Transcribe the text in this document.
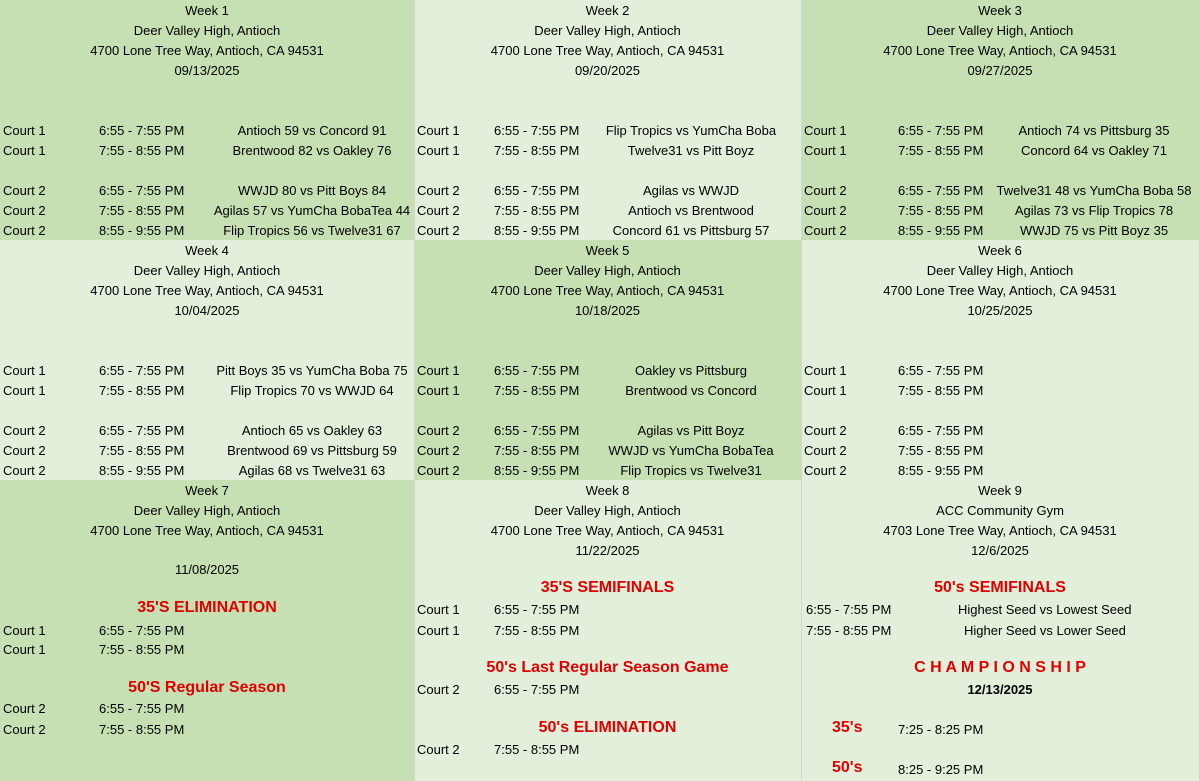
Week 1
Deer Valley High, Antioch
4700 Lone Tree Way, Antioch, CA 94531
09/13/2025
Court 1	6:55 - 7:55 PM	Antioch 59 vs Concord 91
Court 1	7:55 - 8:55 PM	Brentwood 82 vs Oakley 76
Court 2	6:55 - 7:55 PM	WWJD 80 vs Pitt Boys 84
Court 2	7:55 - 8:55 PM	Agilas 57 vs YumCha BobaTea 44
Court 2	8:55 - 9:55 PM	Flip Tropics 56 vs Twelve31 67
Week 2
Deer Valley High, Antioch
4700 Lone Tree Way, Antioch, CA 94531
09/20/2025
Court 1	6:55 - 7:55 PM	Flip Tropics vs YumCha Boba
Court 1	7:55 - 8:55 PM	Twelve31 vs Pitt Boyz
Court 2	6:55 - 7:55 PM	Agilas vs WWJD
Court 2	7:55 - 8:55 PM	Antioch vs Brentwood
Court 2	8:55 - 9:55 PM	Concord 61 vs Pittsburg 57
Week 3
Deer Valley High, Antioch
4700 Lone Tree Way, Antioch, CA 94531
09/27/2025
Court 1	6:55 - 7:55 PM	Antioch 74 vs Pittsburg 35
Court 1	7:55 - 8:55 PM	Concord 64 vs Oakley 71
Court 2	6:55 - 7:55 PM	Twelve31 48 vs YumCha Boba 58
Court 2	7:55 - 8:55 PM	Agilas 73 vs Flip Tropics 78
Court 2	8:55 - 9:55 PM	WWJD 75 vs Pitt Boyz 35
Week 4
Deer Valley High, Antioch
4700 Lone Tree Way, Antioch, CA 94531
10/04/2025
Court 1	6:55 - 7:55 PM	Pitt Boys 35 vs YumCha Boba 75
Court 1	7:55 - 8:55 PM	Flip Tropics 70 vs WWJD 64
Court 2	6:55 - 7:55 PM	Antioch 65 vs Oakley 63
Court 2	7:55 - 8:55 PM	Brentwood 69 vs Pittsburg 59
Court 2	8:55 - 9:55 PM	Agilas 68 vs Twelve31 63
Week 5
Deer Valley High, Antioch
4700 Lone Tree Way, Antioch, CA 94531
10/18/2025
Court 1	6:55 - 7:55 PM	Oakley vs Pittsburg
Court 1	7:55 - 8:55 PM	Brentwood vs Concord
Court 2	6:55 - 7:55 PM	Agilas vs Pitt Boyz
Court 2	7:55 - 8:55 PM	WWJD vs YumCha BobaTea
Court 2	8:55 - 9:55 PM	Flip Tropics vs Twelve31
Week 6
Deer Valley High, Antioch
4700 Lone Tree Way, Antioch, CA 94531
10/25/2025
Court 1	6:55 - 7:55 PM
Court 1	7:55 - 8:55 PM
Court 2	6:55 - 7:55 PM
Court 2	7:55 - 8:55 PM
Court 2	8:55 - 9:55 PM
Week 7
Deer Valley High, Antioch
4700 Lone Tree Way, Antioch, CA 94531
11/08/2025
35'S ELIMINATION
Court 1	6:55 - 7:55 PM
Court 1	7:55 - 8:55 PM
50'S Regular Season
Court 2	6:55 - 7:55 PM
Court 2	7:55 - 8:55 PM
Week 8
Deer Valley High, Antioch
4700 Lone Tree Way, Antioch, CA 94531
11/22/2025
35'S SEMIFINALS
Court 1	6:55 - 7:55 PM
Court 1	7:55 - 8:55 PM
50's Last Regular Season Game
Court 2	6:55 - 7:55 PM
50's ELIMINATION
Court 2	7:55 - 8:55 PM
Week 9
ACC Community Gym
4703 Lone Tree Way, Antioch, CA 94531
12/6/2025
50's SEMIFINALS
6:55 - 7:55 PM	Highest Seed vs Lowest Seed
7:55 - 8:55 PM	Higher Seed vs Lower Seed
C H A M P I O N S H I P
12/13/2025
35's	7:25 - 8:25 PM
50's	8:25 - 9:25 PM
